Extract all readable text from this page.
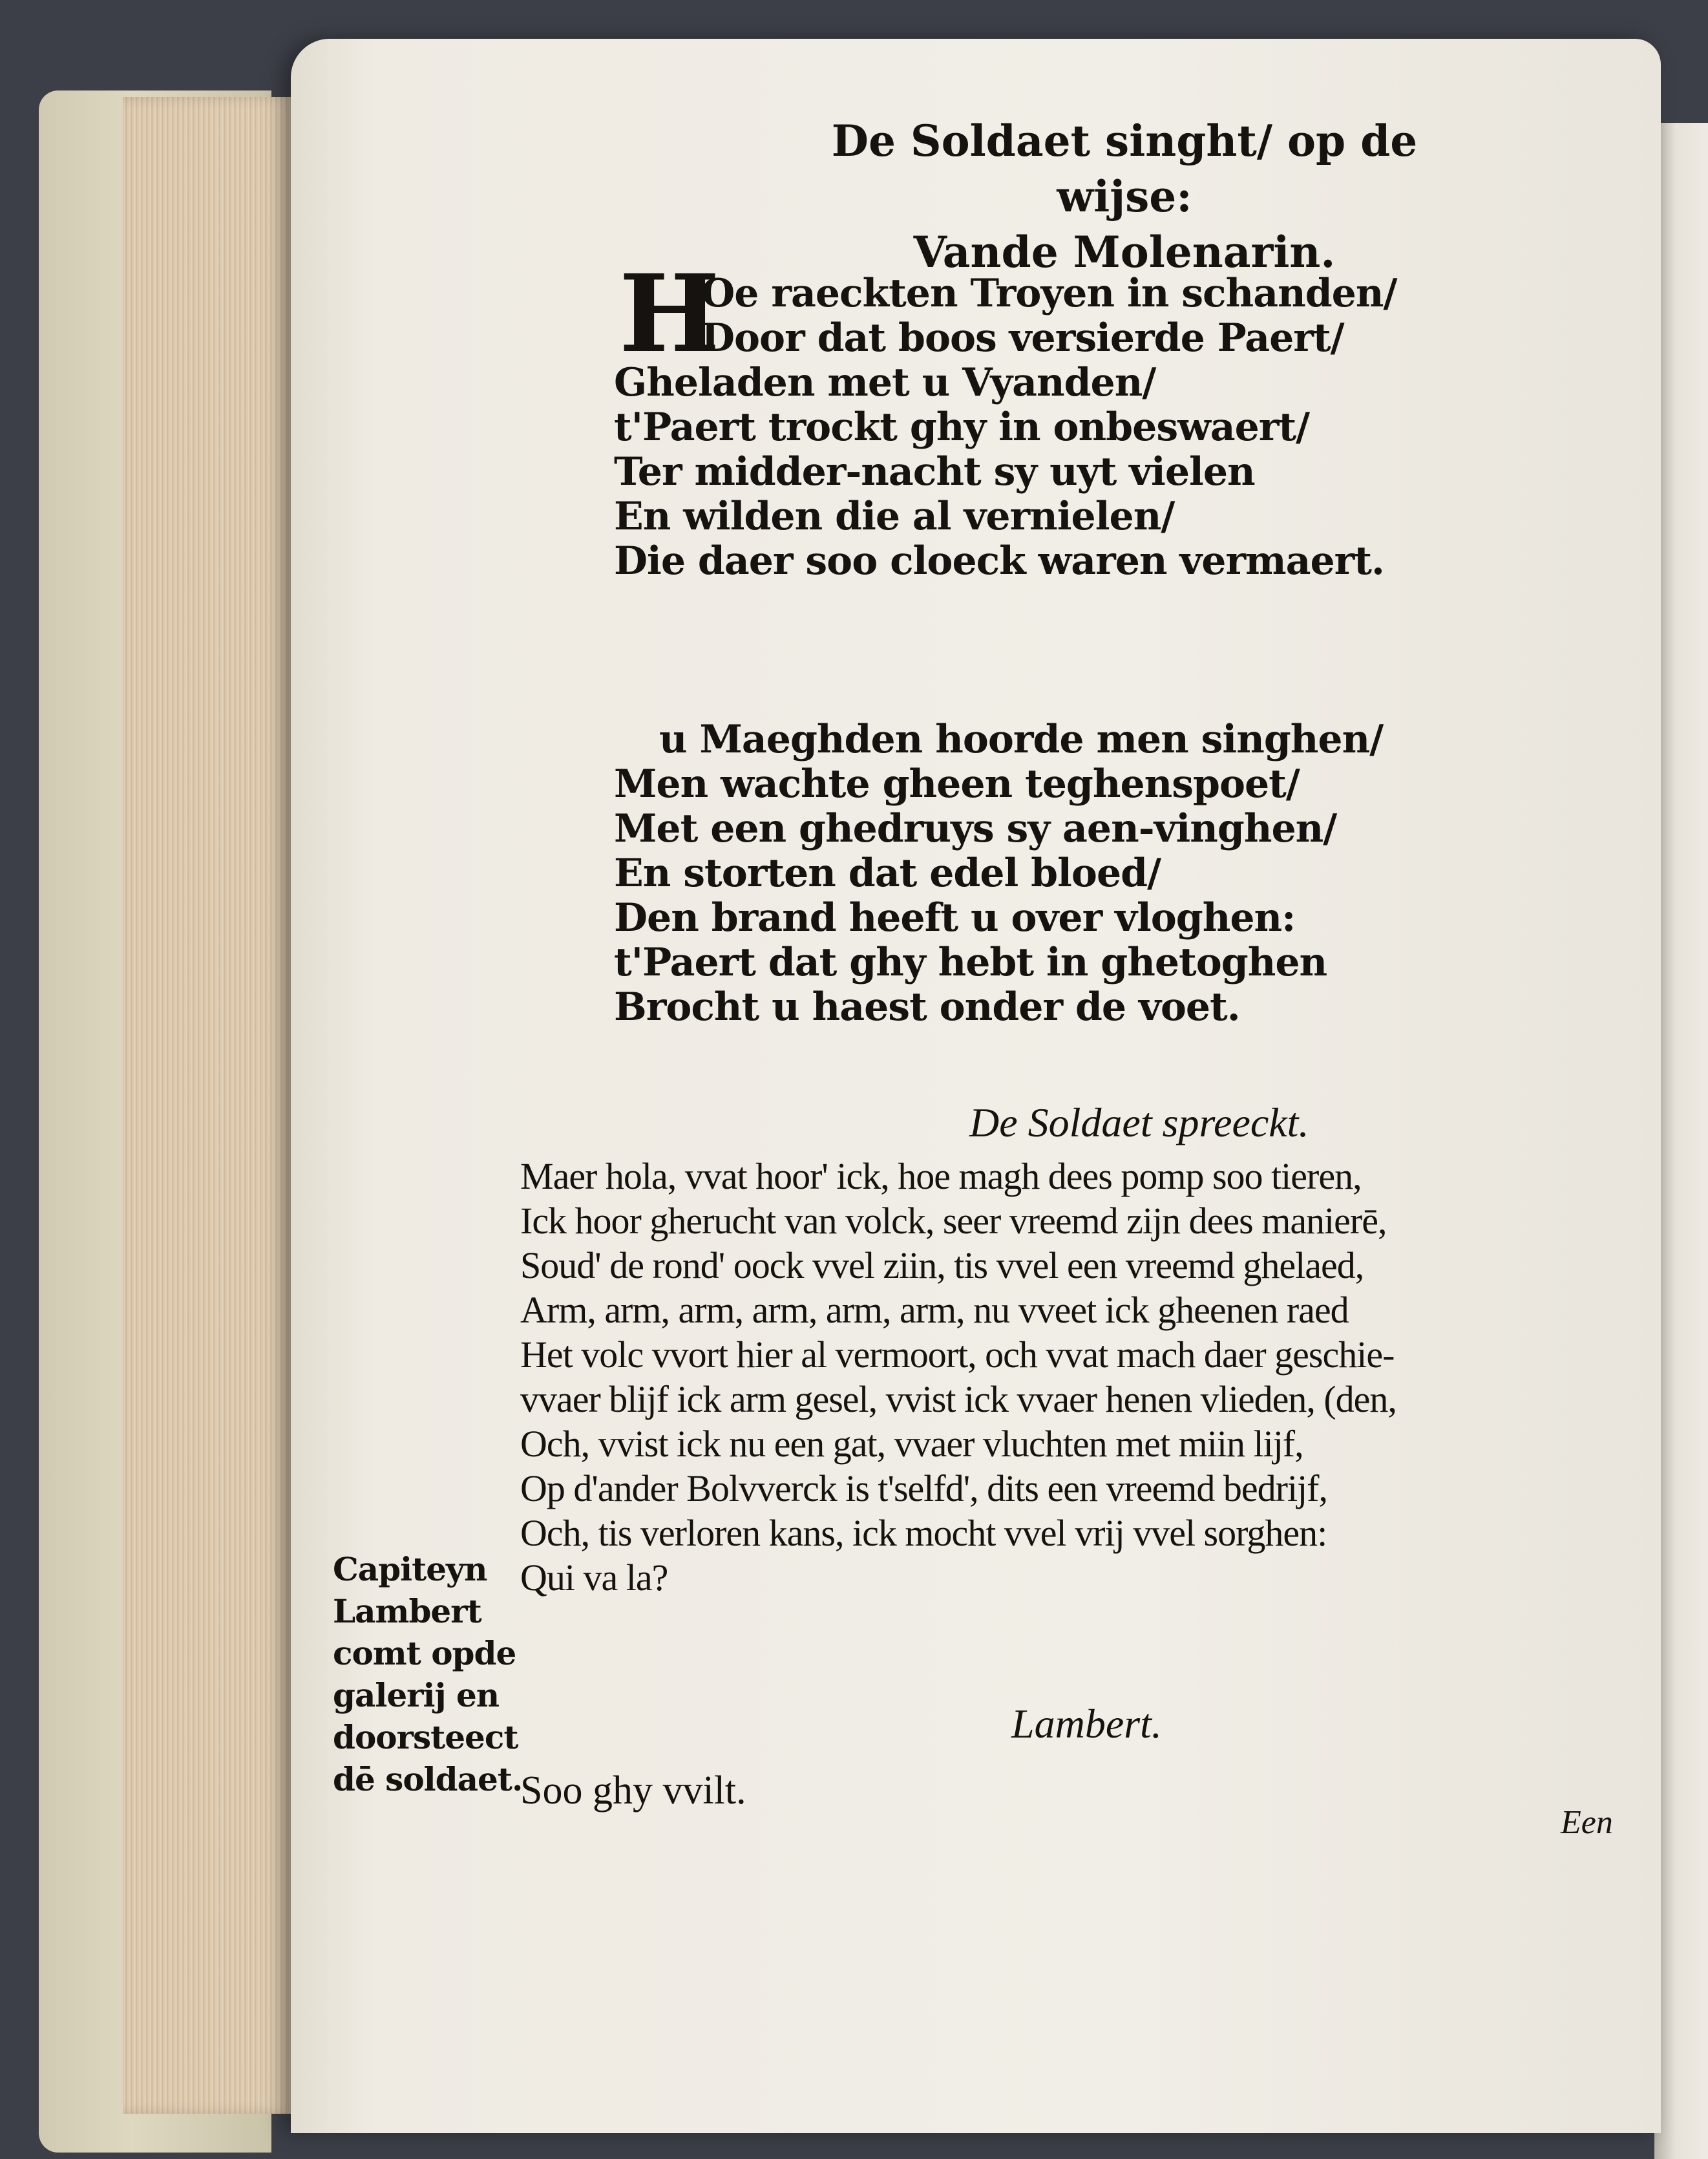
De Soldaet singht/ op de wijse:
Vande Molenarin.
H
Oe raeckten Troyen in schanden/
Door dat boos versierde Paert/
Gheladen met u Vyanden/
t'Paert trockt ghy in onbeswaert/
Ter midder-nacht sy uyt vielen
En wilden die al vernielen/
Die daer soo cloeck waren vermaert.
u Maeghden hoorde men singhen/
Men wachte gheen teghenspoet/
Met een ghedruys sy aen-vinghen/
En storten dat edel bloed/
Den brand heeft u over vloghen:
t'Paert dat ghy hebt in ghetoghen
Brocht u haest onder de voet.
De Soldaet spreeckt.
Maer hola, vvat hoor' ick, hoe magh dees pomp soo tieren,
Ick hoor gherucht van volck, seer vreemd zijn dees manierē,
Soud' de rond' oock vvel ziin, tis vvel een vreemd ghelaed,
Arm, arm, arm, arm, arm, arm, nu vveet ick gheenen raed
Het volc vvort hier al vermoort, och vvat mach daer geschie-
vvaer blijf ick arm gesel, vvist ick vvaer henen vlieden, (den,
Och, vvist ick nu een gat, vvaer vluchten met miin lijf,
Op d'ander Bolvverck is t'selfd', dits een vreemd bedrijf,
Och, tis verloren kans, ick mocht vvel vrij vvel sorghen:
Qui va la?
Capiteyn
Lambert
comt opde
galerij en
doorsteect
dē soldaet.
Lambert.
Soo ghy vvilt.
Een
